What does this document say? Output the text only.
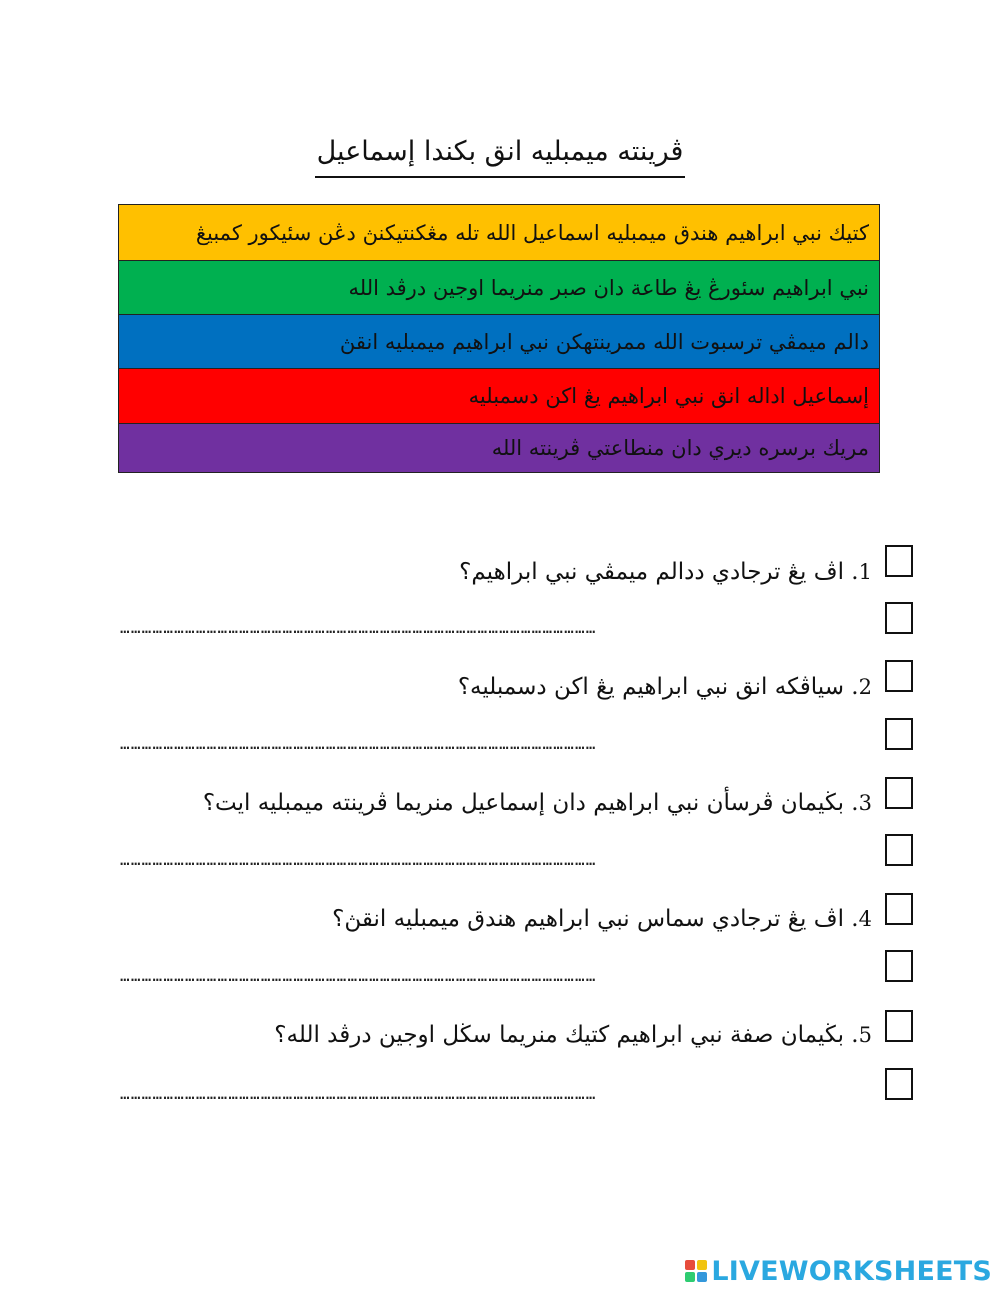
ڤرينته ميمبليه انق بكندا إسماعيل
كتيك نبي ابراهيم هندق ميمبليه اسماعيل الله تله مڠكنتيكنڽ دڠن سئيكور كمبيڠ
نبي ابراهيم سئورڠ يڠ طاعة دان صبر منريما اوجين درڤد الله
دالم ميمڤي ترسبوت الله ممرينتهكن نبي ابراهيم ميمبليه انقڽ
إسماعيل اداله انق نبي ابراهيم يڠ اكن دسمبليه
مريك برسره ديري دان منطاعتي ڤرينته الله
1. اڤ يڠ ترجادي ددالم ميمڤي نبي ابراهيم؟
……………………………………………………………………………………………………………………
2. سياڤكه انق نبي ابراهيم يڠ اكن دسمبليه؟
……………………………………………………………………………………………………………………
3. بڬيمان ڤرسأن نبي ابراهيم دان إسماعيل منريما ڤرينته ميمبليه ايت؟
……………………………………………………………………………………………………………………
4. اڤ يڠ ترجادي سماس نبي ابراهيم هندق ميمبليه انقڽ؟
……………………………………………………………………………………………………………………
5. بڬيمان صفة نبي ابراهيم كتيك منريما سڬل اوجين درڤد الله؟
……………………………………………………………………………………………………………………
LIVEWORKSHEETS
